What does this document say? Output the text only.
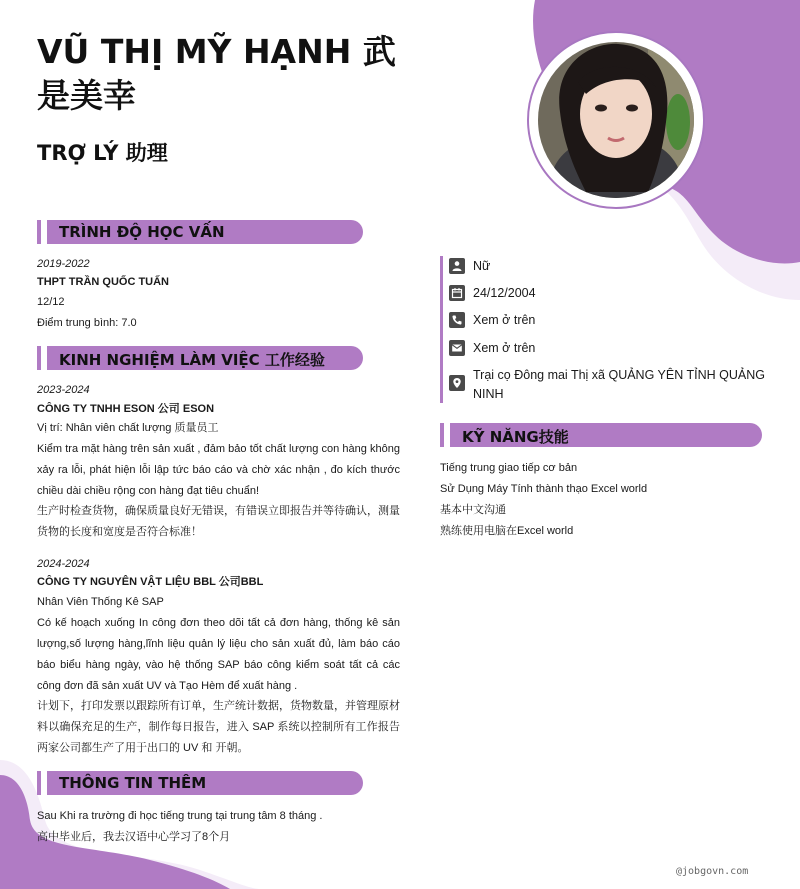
VŨ THỊ MỸ HẠNH 武是美幸
TRỢ LÝ 助理
TRÌNH ĐỘ HỌC VẤN

2019-2022

THPT TRẦN QUỐC TUẤN

12/12

Điểm trung bình: 7.0

KINH NGHIỆM LÀM VIỆC 工作经验

2023-2024

CÔNG TY TNHH ESON 公司 ESON

Vị trí: Nhân viên chất lượng 质量员工

Kiểm tra mặt hàng trên sản xuất , đảm bảo tốt chất lượng con hàng không xảy ra lỗi, phát hiện lỗi lập tức báo cáo và chờ xác nhận , đo kích thước chiều dài chiều rộng con hàng đạt tiêu chuẩn!

生产时检查货物，确保质量良好无错误，有错误立即报告并等待确认，测量货物的长度和宽度是否符合标准！

2024-2024

CÔNG TY NGUYÊN VẬT LIỆU BBL 公司BBL

Nhân Viên Thống Kê SAP

Có kế hoạch xuống In công đơn theo dõi tất cả đơn hàng, thống kê sản lượng,số lượng hàng,lĩnh liệu quản lý liệu cho sản xuất đủ, làm báo cáo báo biểu hàng ngày, vào hệ thống SAP báo công kiểm soát tất cả các công đơn đã sản xuất UV và Tạo Hèm để xuất hàng .

计划下，打印发票以跟踪所有订单，生产统计数据，货物数量，并管理原材料以确保充足的生产，制作每日报告，进入 SAP 系统以控制所有工作报告 两家公司都生产了用于出口的 UV 和 开朝。

THÔNG TIN THÊM

Sau Khi ra trường đi học tiếng trung tại trung tâm 8 tháng .

高中毕业后，我去汉语中心学习了8个月

Nữ
24/12/2004
Xem ở trên
Xem ở trên
Trại cọ Đông mai Thị xã QUẢNG YÊN TỈNH QUẢNG NINH
KỸ NĂNG技能

Tiếng trung giao tiếp cơ bản

Sử Dụng Máy Tính thành thạo Excel world

基本中文沟通

熟练使用电脑在Excel world

@jobgovn.com
